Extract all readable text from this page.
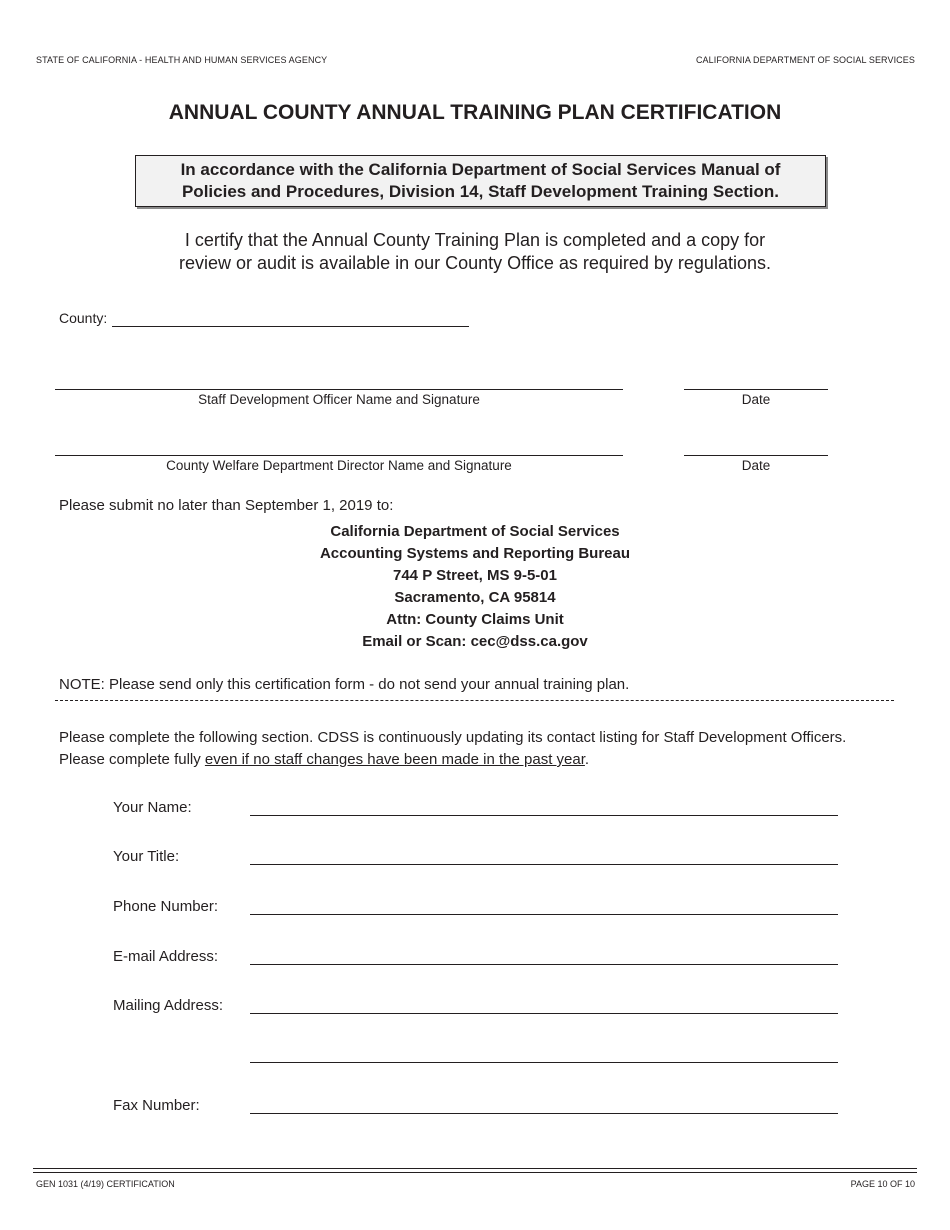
STATE OF CALIFORNIA - HEALTH AND HUMAN SERVICES AGENCY	CALIFORNIA DEPARTMENT OF SOCIAL SERVICES
ANNUAL COUNTY ANNUAL TRAINING PLAN CERTIFICATION
In accordance with the California Department of Social Services Manual of
Policies and Procedures, Division 14, Staff Development Training Section.
I certify that the Annual County Training Plan is completed and a copy for
review or audit is available in our County Office as required by regulations.
County:
Staff Development Officer Name and Signature	Date
County Welfare Department Director Name and Signature	Date
Please submit no later than September 1, 2019 to:
California Department of Social Services
Accounting Systems and Reporting Bureau
744 P Street, MS 9-5-01
Sacramento, CA 95814
Attn: County Claims Unit
Email or Scan: cec@dss.ca.gov
NOTE: Please send only this certification form - do not send your annual training plan.
Please complete the following section. CDSS is continuously updating its contact listing for Staff Development Officers.
Please complete fully even if no staff changes have been made in the past year.
Your Name:
Your Title:
Phone Number:
E-mail Address:
Mailing Address:
Fax Number:
GEN 1031 (4/19) CERTIFICATION	PAGE 10 OF 10
